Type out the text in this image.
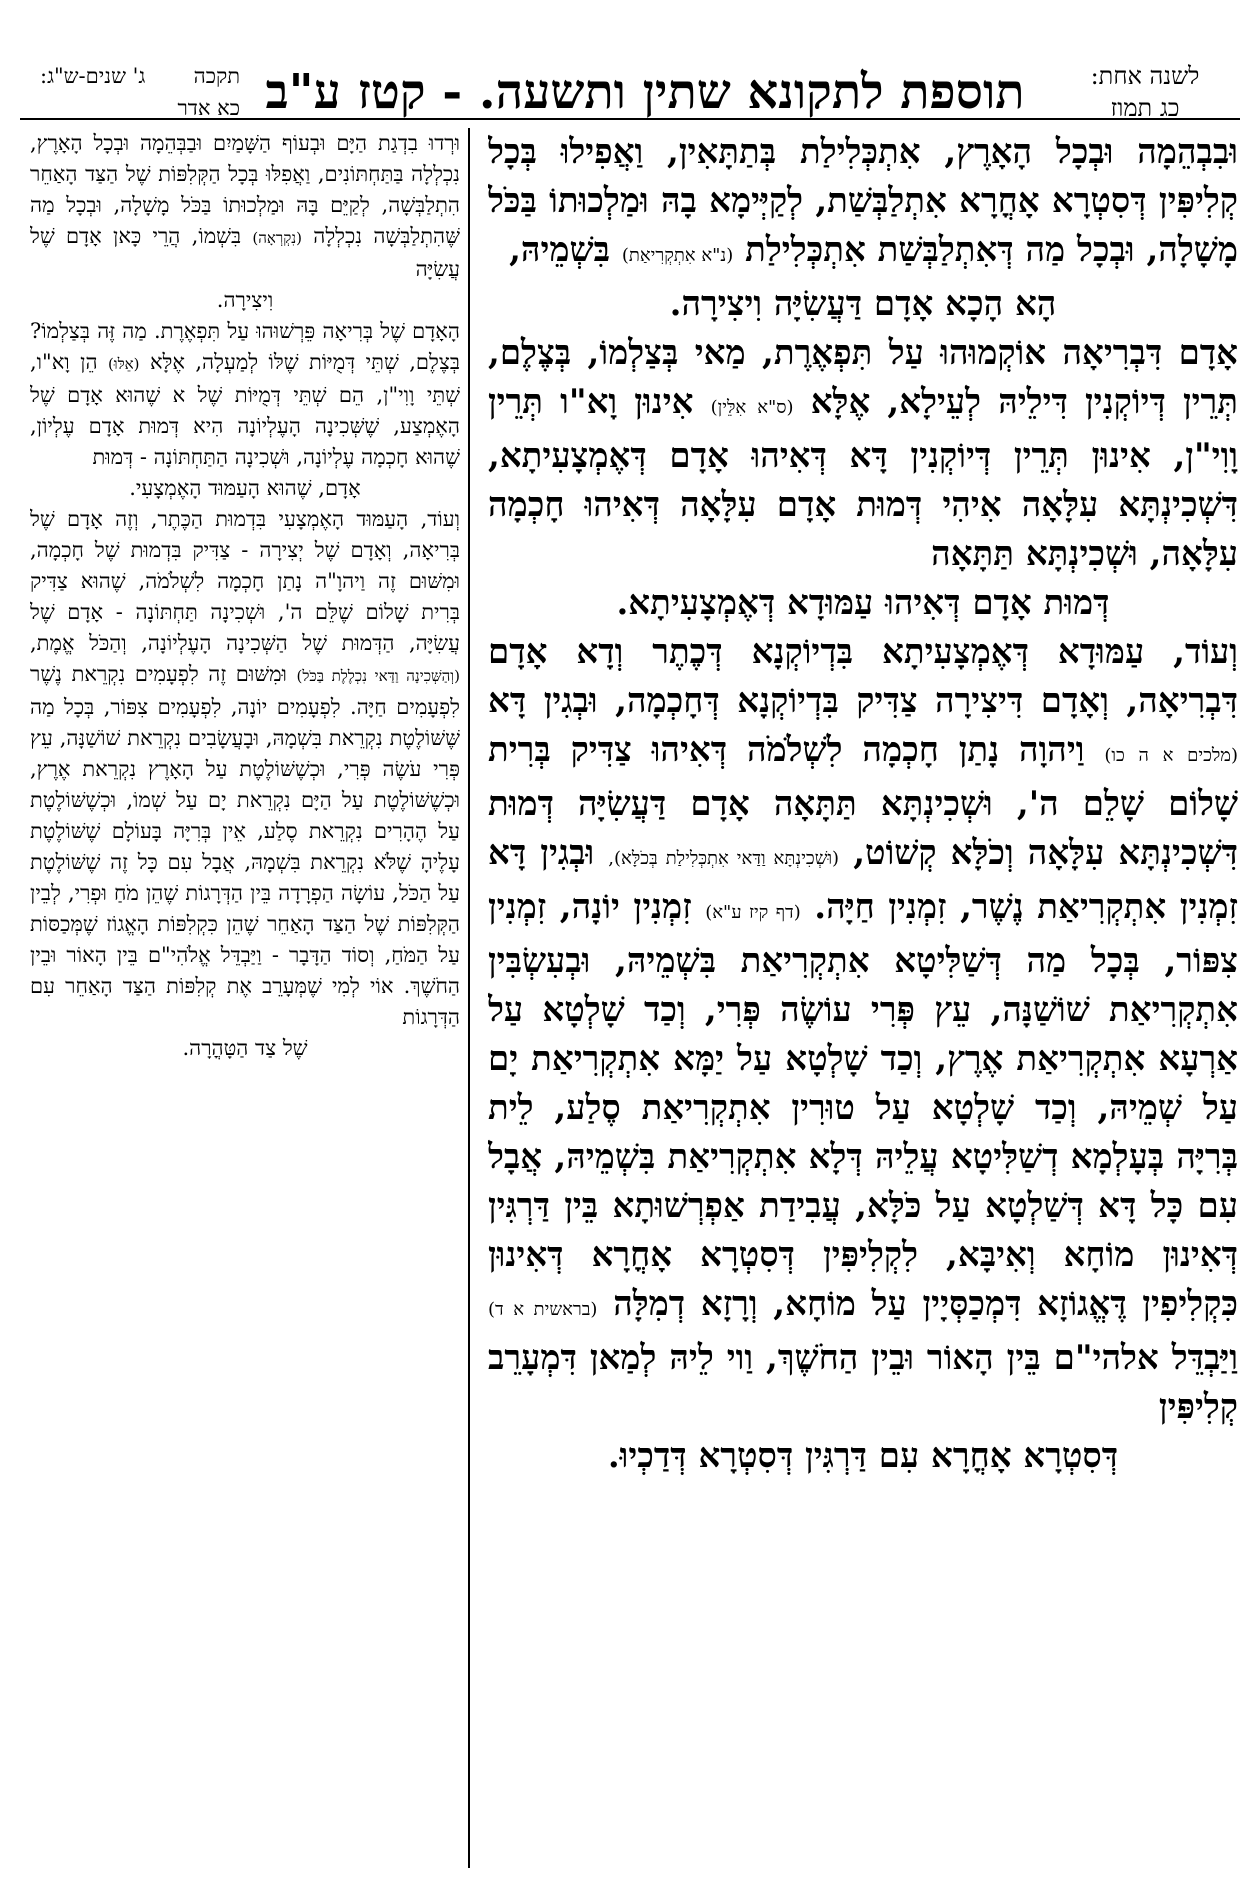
לשנה אחת:
כג תמוז
תוספת לתקונא שתין ותשעה. - קטז ע"ב
ג' שנים-ש"ג: תקכה
כא אדר

וּבִבְהֵמָה וּבְכָל הָאָרֶץ, אִתְכְּלִילַת בְּתַתָּאִין, וַאֲפִילוּ בְּכָל קְלִיפִּין דְּסִטְרָא אָחֳרָא אִתְלַבְּשַׁת, לְקַיְּימָא בָהּ וּמַלְכוּתוֹ בַּכֹּל מָשָׁלָה, וּבְכָל מַה דְּאִתְלַבְּשַׁת אִתְכְּלִילַת (נ"א אִתְקְרִיאַת) בִּשְׁמֵיהּ,

הָא הָכָא אָדָם דַּעֲשִׂיָּה וִיצִירָה.

אָדָם דִּבְרִיאָה אוֹקְמוּהוּ עַל תִּפְאֶרֶת, מַאי בְּצַלְמוֹ, בְּצֶלֶם, תְּרֵין דְּיוֹקְנִין דִּילֵיהּ לְעֵילָא, אֶלָּא (ס"א אִלֵּין) אִינוּן וָא"ו תְּרֵין וָוִי"ן, אִינוּן תְּרֵין דְּיוֹקְנִין דָּא דְּאִיהוּ אָדָם דְּאֶמְצָעִיתָא, דִּשְׁכִינְתָּא עִלָּאָה אִיהִי דְּמוּת אָדָם עִלָּאָה דְּאִיהוּ חָכְמָה עִלָּאָה, וּשְׁכִינְתָּא תַּתָּאָה

דְּמוּת אָדָם דְּאִיהוּ עַמּוּדָא דְּאֶמְצָעִיתָא.

וְעוֹד, עַמּוּדָא דְּאֶמְצָעִיתָא בִּדְיוֹקְנָא דְּכֶתֶר וְדָא אָדָם דִּבְרִיאָה, וְאָדָם דִּיצִירָה צַדִּיק בִּדְיוֹקְנָא דְּחָכְמָה, וּבְגִין דָּא (מלכים א ה כו) וַיהוָה נָתַן חָכְמָה לִשְׁלֹמֹה דְּאִיהוּ צַדִּיק בְּרִית שָׁלוֹם שָׁלֵם ה', וּשְׁכִינְתָּא תַּתָּאָה אָדָם דַּעֲשִׂיָּה דְּמוּת דִּשְׁכִינְתָּא עִלָּאָה וְכֹלָּא קְשׁוֹט, (וּשְׁכִינְתָּא וַדַּאי אִתְכְּלִילַת בְּכֹלָּא), וּבְגִין דָּא זִמְנִין אִתְקְרִיאַת נֶשֶׁר, זִמְנִין חַיָּה. (דף קיז ע"א) זִמְנִין יוֹנָה, זִמְנִין צִפּוֹר, בְּכָל מַה דְּשַׁלִּיטָא אִתְקְרִיאַת בִּשְׁמֵיהּ, וּבְעִשְׂבִּין אִתְקְרִיאַת שׁוֹשַׁנָּה, עֵץ פְּרִי עוֹשֶׂה פְּרִי, וְכַד שָׁלְטָא עַל אַרְעָא אִתְקְרִיאַת אֶרֶץ, וְכַד שָׁלְטָא עַל יַמָּא אִתְקְרִיאַת יָם עַל שְׁמֵיהּ, וְכַד שָׁלְטָא עַל טוּרִין אִתְקְרִיאַת סֶלַע, לֵית בְּרִיָּה בְּעָלְמָא דְשַׁלִּיטָא עֲלֵיהּ דְּלָא אִתְקְרִיאַת בִּשְׁמֵיהּ, אֲבָל עִם כָּל דָּא דְּשַׁלְטָא עַל כֹּלָּא, עֲבִידַת אַפְרְשׁוּתָא בֵּין דַּרְגִּין דְּאִינוּן מוֹחָא וְאִיבָּא, לִקְלִיפִּין דְּסִטְרָא אָחֳרָא דְּאִינוּן כִּקְלִיפִין דֶּאֱגוֹזָא דִּמְכַסְּיָין עַל מוֹחָא, וְרָזָא דְמִלָּה (בראשית א ד) וַיַּבְדֵּל אלהי"ם בֵּין הָאוֹר וּבֵין הַחֹשֶׁךְ, וַוי לֵיהּ לְמַאן דִּמְעָרֵב קְלִיפִּין

דְּסִטְרָא אָחֳרָא עִם דַּרְגִּין דְּסִטְרָא דְּדַכְיוּ.

וּרְדוּ בִדְגַת הַיָּם וּבְעוֹף הַשָּׁמַיִם וּבַבְּהֵמָה וּבְכָל הָאָרֶץ, נִכְלְלָה בַּתַּחְתּוֹנִים, וַאֲפִלּוּ בְּכָל הַקְּלִפּוֹת שֶׁל הַצַּד הָאַחֵר הִתְלַבְּשָׁה, לְקַיֵּם בָּהּ וּמַלְכוּתוֹ בַּכֹּל מָשָׁלָה, וּבְכָל מַה שֶּׁהִתְלַבְּשָׁה נִכְלְלָה (נִקְרְאָה) בִּשְׁמוֹ, הֲרֵי כָּאן אָדָם שֶׁל עֲשִׂיָּה

וִיצִירָה.

הָאָדָם שֶׁל בְּרִיאָה פֵּרְשׁוּהוּ עַל תִּפְאֶרֶת. מַה זֶּה בְּצַלְמוֹ? בְּצֶלֶם, שְׁתֵּי דְּמֻיּוֹת שֶׁלּוֹ לְמַעְלָה, אֶלָּא (אֵלּוּ) הֵן וָא"ו, שְׁתֵּי וָוִי"ן, הֵם שְׁתֵּי דְּמֻיּוֹת שֶׁל א שֶׁהוּא אָדָם שֶׁל הָאֶמְצַע, שֶׁשְּׁכִינָה הָעֶלְיוֹנָה הִיא דְּמוּת אָדָם עֶלְיוֹן, שֶׁהוּא חָכְמָה עֶלְיוֹנָה, וּשְׁכִינָה הַתַּחְתּוֹנָה - דְּמוּת

אָדָם, שֶׁהוּא הָעַמּוּד הָאֶמְצָעִי.

וְעוֹד, הָעַמּוּד הָאֶמְצָעִי בִּדְמוּת הַכֶּתֶר, וְזֶה אָדָם שֶׁל בְּרִיאָה, וְאָדָם שֶׁל יְצִירָה - צַדִּיק בִּדְמוּת שֶׁל חָכְמָה, וּמִשּׁוּם זֶה וַיהוָ"ה נָתַן חָכְמָה לִשְׁלֹמֹה, שֶׁהוּא צַדִּיק בְּרִית שָׁלוֹם שֶׁלֵּם ה', וּשְׁכִינָה תַּחְתּוֹנָה - אָדָם שֶׁל עֲשִׂיָּה, הַדְּמוּת שֶׁל הַשְּׁכִינָה הָעֶלְיוֹנָה, וְהַכֹּל אֱמֶת, (וְהַשְּׁכִינָה וַדַּאי נִכְלֶלֶת בַּכֹּל) וּמִשּׁוּם זֶה לִפְעָמִים נִקְרֵאת נֶשֶׁר לִפְעָמִים חַיָּה. לִפְעָמִים יוֹנָה, לִפְעָמִים צִפּוֹר, בְּכָל מַה שֶּׁשּׁוֹלֶטֶת נִקְרֵאת בִּשְׁמָהּ, וּבָעֲשָׂבִים נִקְרֵאת שׁוֹשַׁנָּה, עֵץ פְּרִי עֹשֶׂה פְּרִי, וּכְשֶׁשּׁוֹלֶטֶת עַל הָאָרֶץ נִקְרֵאת אֶרֶץ, וּכְשֶׁשּׁוֹלֶטֶת עַל הַיָּם נִקְרֵאת יָם עַל שְׁמוֹ, וּכְשֶׁשּׁוֹלֶטֶת עַל הֶהָרִים נִקְרֵאת סֶלַע, אֵין בְּרִיָּה בָּעוֹלָם שֶׁשּׁוֹלֶטֶת עָלֶיהָ שֶׁלֹּא נִקְרֵאת בִּשְׁמָהּ, אֲבָל עִם כָּל זֶה שֶׁשּׁוֹלֶטֶת עַל הַכֹּל, עוֹשָׂה הַפְרָדָה בֵּין הַדְּרָגוֹת שֶׁהֵן מֹחַ וּפְרִי, לְבֵין הַקְּלִפּוֹת שֶׁל הַצַּד הָאַחֵר שֶׁהֵן כִּקְלִפּוֹת הָאֱגוֹז שֶׁמְּכַסּוֹת עַל הַמֹּחַ, וְסוֹד הַדָּבָר - וַיַּבְדֵּל אֱלֹהִי"ם בֵּין הָאוֹר וּבֵין הַחֹשֶׁךְ. אוֹי לְמִי שֶׁמְּעָרֵב אֶת קְלִפּוֹת הַצַּד הָאַחֵר עִם הַדְּרָגוֹת

שֶׁל צַד הַטָּהֳרָה.
